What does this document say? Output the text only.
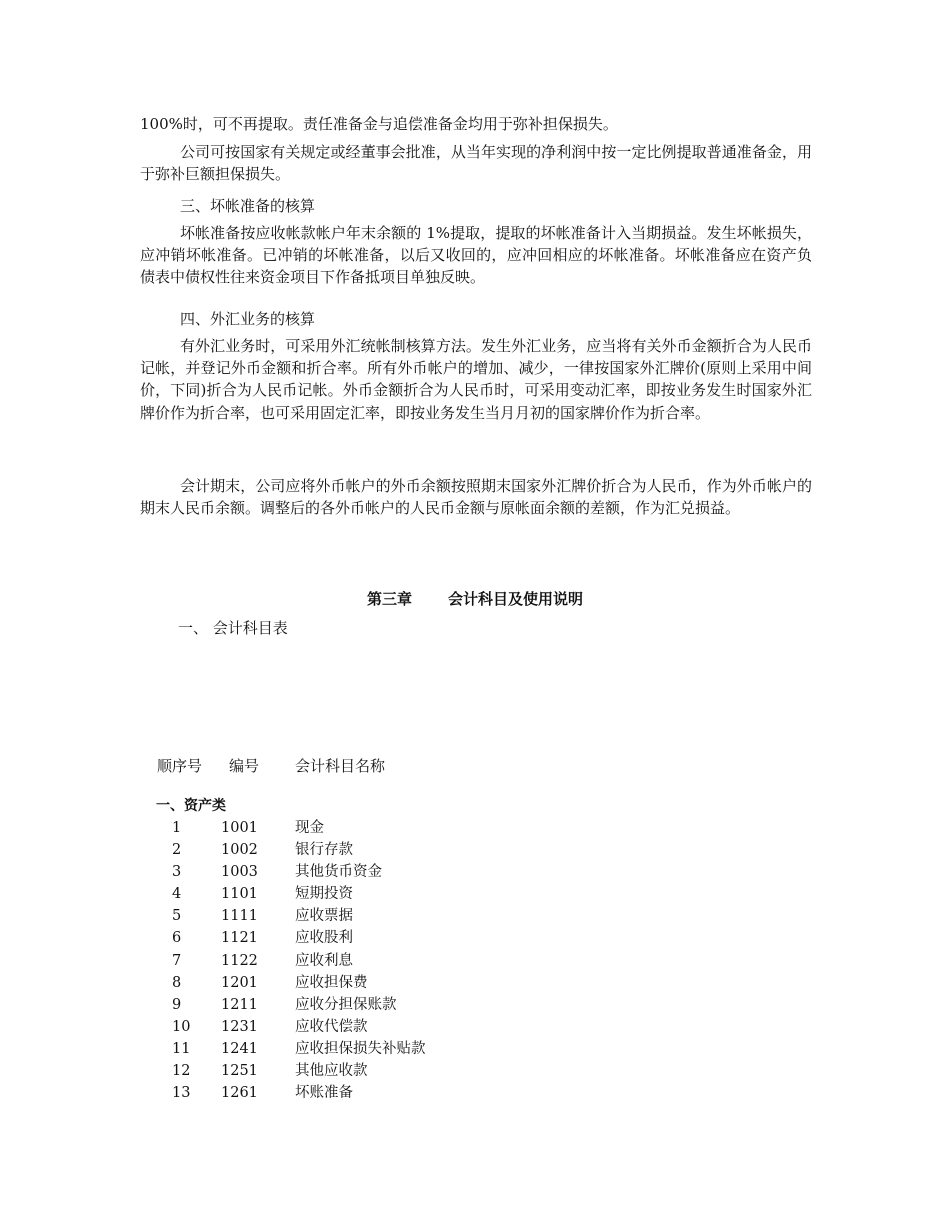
100%时，可不再提取。责任准备金与追偿准备金均用于弥补担保损失。

公司可按国家有关规定或经董事会批准，从当年实现的净利润中按一定比例提取普通准备金，用于弥补巨额担保损失。

三、坏帐准备的核算

坏帐准备按应收帐款帐户年末余额的 1%提取，提取的坏帐准备计入当期损益。发生坏帐损失，应冲销坏帐准备。已冲销的坏帐准备，以后又收回的，应冲回相应的坏帐准备。坏帐准备应在资产负债表中债权性往来资金项目下作备抵项目单独反映。

四、外汇业务的核算

有外汇业务时，可采用外汇统帐制核算方法。发生外汇业务，应当将有关外币金额折合为人民币记帐，并登记外币金额和折合率。所有外币帐户的增加、减少，一律按国家外汇牌价(原则上采用中间价，下同)折合为人民币记帐。外币金额折合为人民币时，可采用变动汇率，即按业务发生时国家外汇牌价作为折合率，也可采用固定汇率，即按业务发生当月月初的国家牌价作为折合率。

会计期末，公司应将外币帐户的外币余额按照期末国家外汇牌价折合为人民币，作为外币帐户的期末人民币余额。调整后的各外币帐户的人民币金额与原帐面余额的差额，作为汇兑损益。

第三章 会计科目及使用说明
一、 会计科目表
顺序号 编号 会计科目名称
一、资产类
1	1001	现金
2	1002	银行存款
3	1003	其他货币资金
4	1101	短期投资
5	1111	应收票据
6	1121	应收股利
7	1122	应收利息
8	1201	应收担保费
9	1211	应收分担保账款
10 1231	应收代偿款
11 1241	应收担保损失补贴款
12 1251	其他应收款
13 1261	坏账准备
